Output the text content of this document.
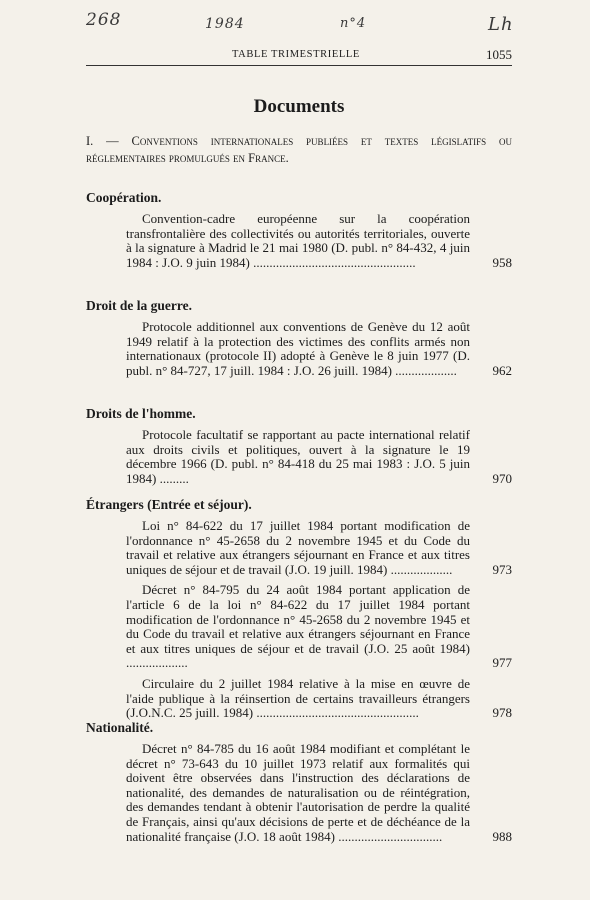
268	1984	n°4	Lh
TABLE TRIMESTRIELLE	1055
Documents
I. — Conventions internationales publiées et textes législatifs ou réglementaires promulgués en France.
Coopération.
Convention-cadre européenne sur la coopération transfrontalière des collectivités ou autorités territoriales, ouverte à la signature à Madrid le 21 mai 1980 (D. publ. n° 84-432, 4 juin 1984 : J.O. 9 juin 1984) ..................................................	958
Droit de la guerre.
Protocole additionnel aux conventions de Genève du 12 août 1949 relatif à la protection des victimes des conflits armés non internationaux (protocole II) adopté à Genève le 8 juin 1977 (D. publ. n° 84-727, 17 juill. 1984 : J.O. 26 juill. 1984) ...................	962
Droits de l'homme.
Protocole facultatif se rapportant au pacte international relatif aux droits civils et politiques, ouvert à la signature le 19 décembre 1966 (D. publ. n° 84-418 du 25 mai 1983 : J.O. 5 juin 1984) .........	970
Étrangers (Entrée et séjour).
Loi n° 84-622 du 17 juillet 1984 portant modification de l'ordonnance n° 45-2658 du 2 novembre 1945 et du Code du travail et relative aux étrangers séjournant en France et aux titres uniques de séjour et de travail (J.O. 19 juill. 1984) ...................	973
Décret n° 84-795 du 24 août 1984 portant application de l'article 6 de la loi n° 84-622 du 17 juillet 1984 portant modification de l'ordonnance n° 45-2658 du 2 novembre 1945 et du Code du travail et relative aux étrangers séjournant en France et aux titres uniques de séjour et de travail (J.O. 25 août 1984) ...................	977
Circulaire du 2 juillet 1984 relative à la mise en œuvre de l'aide publique à la réinsertion de certains travailleurs étrangers (J.O.N.C. 25 juill. 1984) ..................................................	978
Nationalité.
Décret n° 84-785 du 16 août 1984 modifiant et complétant le décret n° 73-643 du 10 juillet 1973 relatif aux formalités qui doivent être observées dans l'instruction des déclarations de nationalité, des demandes de naturalisation ou de réintégration, des demandes tendant à obtenir l'autorisation de perdre la qualité de Français, ainsi qu'aux décisions de perte et de déchéance de la nationalité française (J.O. 18 août 1984) ................................	988
